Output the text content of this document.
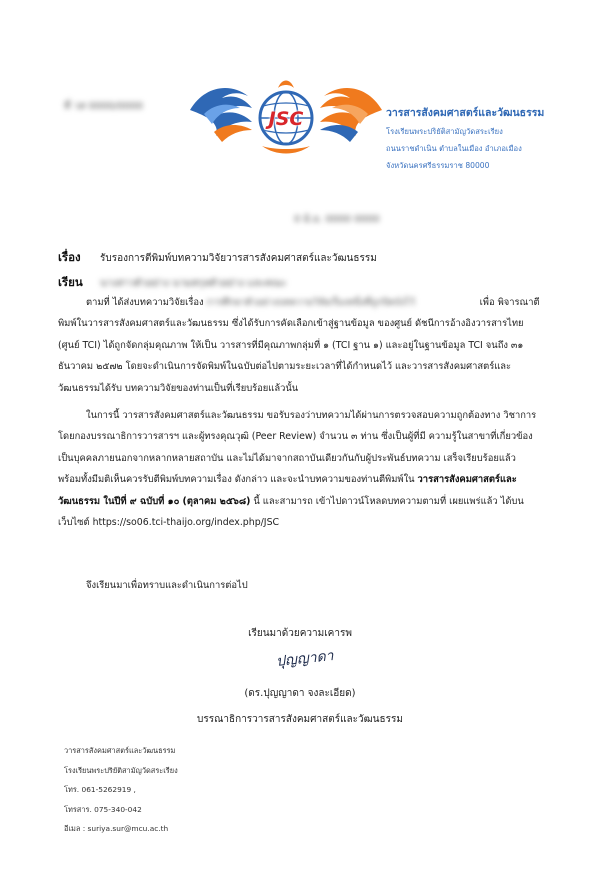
ที่ วส 0000/0000
JSC	วารสารสังคมศาสตร์และวัฒนธรรม
โรงเรียนพระปริยัติสามัญวัดสระเรียง
ถนนราชดำเนิน ตำบลในเมือง อำเภอเมือง
จังหวัดนครศรีธรรมราช 80000
0 มิ.ย. 0000 0000
เรื่อง รับรองการตีพิมพ์บทความวิจัยวารสารสังคมศาสตร์และวัฒนธรรม
เรียน นางสาวตัวอย่าง นามสกุลตัวอย่าง และคณะ
ตามที่ ได้ส่งบทความวิจัยเรื่อง การศึกษาตัวอย่างบทความวิจัยเรื่องหนึ่งที่ถูกปิดบังไว้	เพื่อ พิจารณาตีพิมพ์ในวารสารสังคมศาสตร์และวัฒนธรรม ซึ่งได้รับการคัดเลือกเข้าสู่ฐานข้อมูล ของศูนย์ ดัชนีการอ้างอิงวารสารไทย (ศูนย์ TCI) ได้ถูกจัดกลุ่มคุณภาพ ให้เป็น วารสารที่มีคุณภาพกลุ่มที่ ๑ (TCI ฐาน ๑) และอยู่ในฐานข้อมูล TCI จนถึง ๓๑ ธันวาคม ๒๕๗๒ โดยจะดำเนินการจัดพิมพ์ในฉบับต่อไปตามระยะเวลาที่ได้กำหนดไว้ และวารสารสังคมศาสตร์และวัฒนธรรมได้รับ บทความวิจัยของท่านเป็นที่เรียบร้อยแล้วนั้น
ในการนี้ วารสารสังคมศาสตร์และวัฒนธรรม ขอรับรองว่าบทความได้ผ่านการตรวจสอบความถูกต้องทาง วิชาการ โดยกองบรรณาธิการวารสารฯ และผู้ทรงคุณวุฒิ (Peer Review) จำนวน ๓ ท่าน ซึ่งเป็นผู้ที่มี ความรู้ในสาขาที่เกี่ยวข้อง เป็นบุคคลภายนอกจากหลากหลายสถาบัน และไม่ได้มาจากสถาบันเดียวกันกับผู้ประพันธ์บทความ เสร็จเรียบร้อยแล้ว พร้อมทั้งมีมติเห็นควรรับตีพิมพ์บทความเรื่อง ดังกล่าว และจะนำบทความของท่านตีพิมพ์ใน วารสารสังคมศาสตร์และวัฒนธรรม ในปีที่ ๙ ฉบับที่ ๑๐ (ตุลาคม ๒๕๖๘) นี้ และสามารถ เข้าไปดาวน์โหลดบทความตามที่ เผยแพร่แล้ว ได้บนเว็บไซต์ https://so06.tci-thaijo.org/index.php/JSC
จึงเรียนมาเพื่อทราบและดำเนินการต่อไป
เรียนมาด้วยความเคารพ
ปุญญาดา
(ดร.ปุญญาดา จงละเอียด)
บรรณาธิการวารสารสังคมศาสตร์และวัฒนธรรม
วารสารสังคมศาสตร์และวัฒนธรรม
โรงเรียนพระปริยัติสามัญวัดสระเรียง
โทร. 061-5262919 ,
โทรสาร. 075-340-042
อีเมล : suriya.sur@mcu.ac.th
